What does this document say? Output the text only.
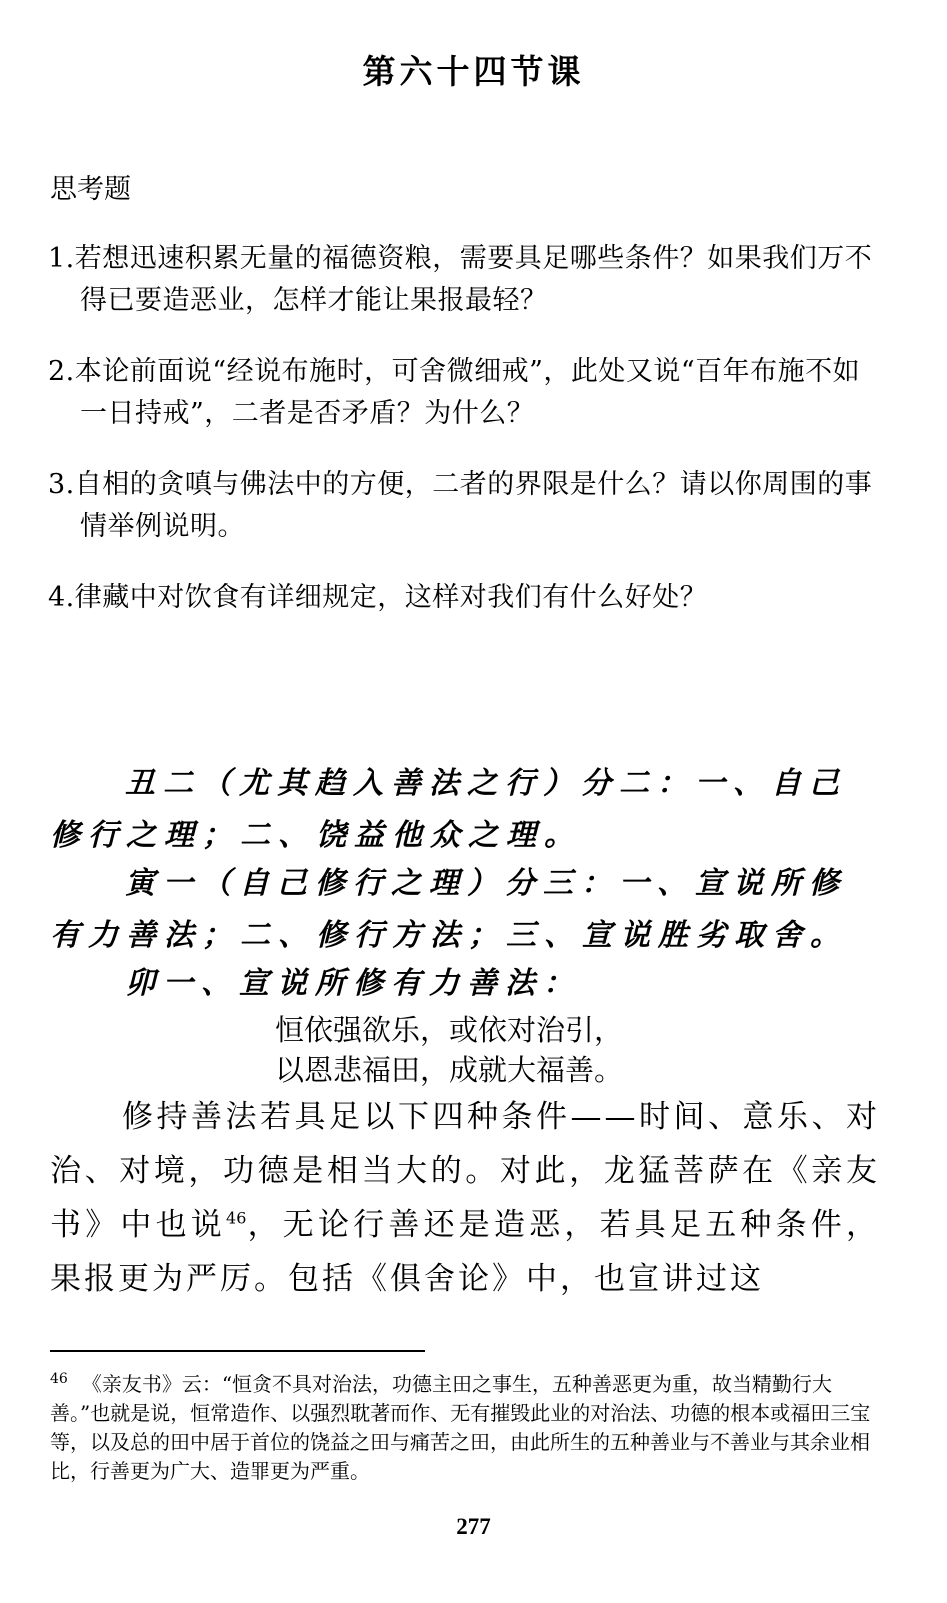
第六十四节课
思考题
1.若想迅速积累无量的福德资粮，需要具足哪些条件？如果我们万不得已要造恶业，怎样才能让果报最轻？
2.本论前面说“经说布施时，可舍微细戒”，此处又说“百年布施不如一日持戒”，二者是否矛盾？为什么？
3.自相的贪嗔与佛法中的方便，二者的界限是什么？请以你周围的事情举例说明。
4.律藏中对饮食有详细规定，这样对我们有什么好处？

丑二（尤其趋入善法之行）分二：一、自己修行之理；二、饶益他众之理。

寅一（自己修行之理）分三：一、宣说所修有力善法；二、修行方法；三、宣说胜劣取舍。

卯一、宣说所修有力善法：

恒依强欲乐，或依对治引，

以恩悲福田，成就大福善。

修持善法若具足以下四种条件——时间、意乐、对治、对境，功德是相当大的。对此，龙猛菩萨在《亲友书》中也说$^{46}$，无论行善还是造恶，若具足五种条件，果报更为严厉。包括《俱舍论》中，也宣讲过这

$^{46}$ 《亲友书》云：“恒贪不具对治法，功德主田之事生，五种善恶更为重，故当精勤行大善。”也就是说，恒常造作、以强烈耽著而作、无有摧毁此业的对治法、功德的根本或福田三宝等，以及总的田中居于首位的饶益之田与痛苦之田，由此所生的五种善业与不善业与其余业相比，行善更为广大、造罪更为严重。

277
